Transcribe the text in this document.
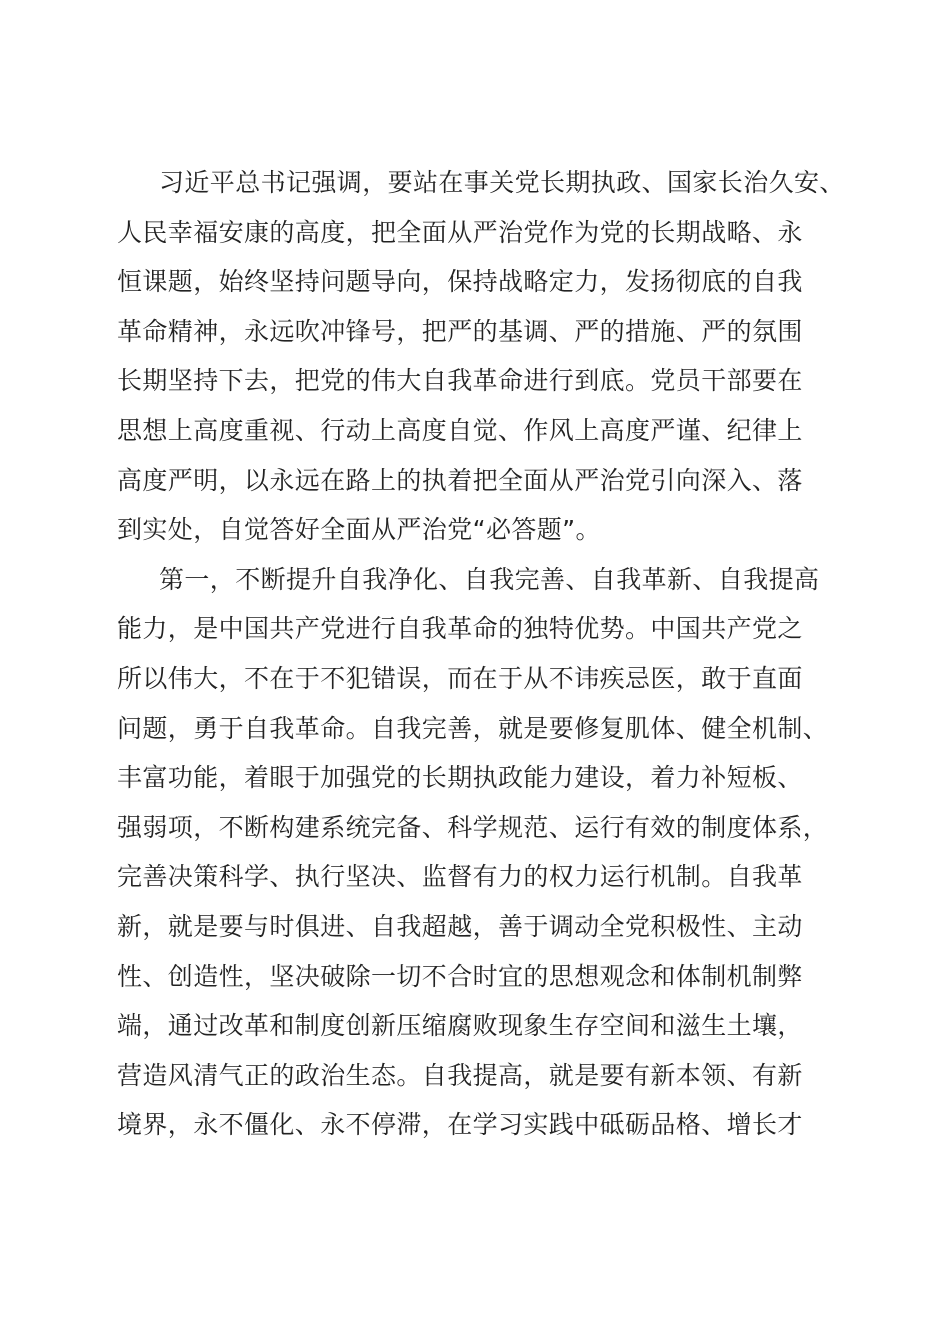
习近平总书记强调，要站在事关党长期执政、国家长治久安、
人民幸福安康的高度，把全面从严治党作为党的长期战略、永
恒课题，始终坚持问题导向，保持战略定力，发扬彻底的自我
革命精神，永远吹冲锋号，把严的基调、严的措施、严的氛围
长期坚持下去，把党的伟大自我革命进行到底。党员干部要在
思想上高度重视、行动上高度自觉、作风上高度严谨、纪律上
高度严明，以永远在路上的执着把全面从严治党引向深入、落
到实处，自觉答好全面从严治党“必答题”。
第一，不断提升自我净化、自我完善、自我革新、自我提高
能力，是中国共产党进行自我革命的独特优势。中国共产党之
所以伟大，不在于不犯错误，而在于从不讳疾忌医，敢于直面
问题，勇于自我革命。自我完善，就是要修复肌体、健全机制、
丰富功能，着眼于加强党的长期执政能力建设，着力补短板、
强弱项，不断构建系统完备、科学规范、运行有效的制度体系，
完善决策科学、执行坚决、监督有力的权力运行机制。自我革
新，就是要与时俱进、自我超越，善于调动全党积极性、主动
性、创造性，坚决破除一切不合时宜的思想观念和体制机制弊
端，通过改革和制度创新压缩腐败现象生存空间和滋生土壤，
营造风清气正的政治生态。自我提高，就是要有新本领、有新
境界，永不僵化、永不停滞，在学习实践中砥砺品格、增长才
